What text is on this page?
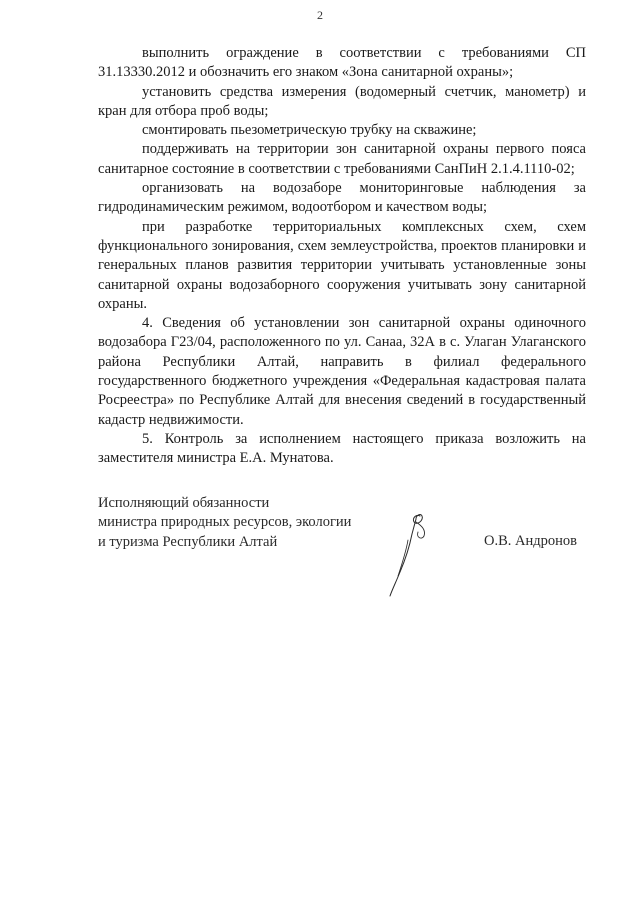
2

выполнить ограждение в соответствии с требованиями СП 31.13330.2012 и обозначить его знаком «Зона санитарной охраны»;

установить средства измерения (водомерный счетчик, манометр) и кран для отбора проб воды;

смонтировать пьезометрическую трубку на скважине;

поддерживать на территории зон санитарной охраны первого пояса санитарное состояние в соответствии с требованиями СанПиН 2.1.4.1110-02;

организовать на водозаборе мониторинговые наблюдения за гидродинамическим режимом, водоотбором и качеством воды;

при разработке территориальных комплексных схем, схем функционального зонирования, схем землеустройства, проектов планировки и генеральных планов развития территории учитывать установленные зоны санитарной охраны водозаборного сооружения учитывать зону санитарной охраны.

4. Сведения об установлении зон санитарной охраны одиночного водозабора Г23/04, расположенного по ул. Санаа, 32А в с. Улаган Улаганского района Республики Алтай, направить в филиал федерального государственного бюджетного учреждения «Федеральная кадастровая палата Росреестра» по Республике Алтай для внесения сведений в государственный кадастр недвижимости.

5. Контроль за исполнением настоящего приказа возложить на заместителя министра Е.А. Мунатова.

Исполняющий обязанности
министра природных ресурсов, экологии
и туризма Республики Алтай	О.В. Андронов
